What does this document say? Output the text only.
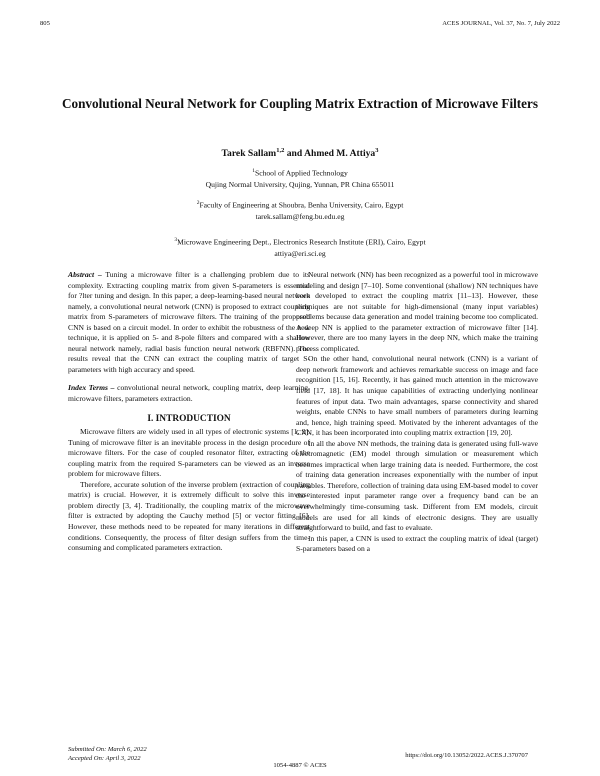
805	ACES JOURNAL, Vol. 37, No. 7, July 2022
Convolutional Neural Network for Coupling Matrix Extraction of Microwave Filters
Tarek Sallam$^{1,2}$ and Ahmed M. Attiya$^3$
$^1$School of Applied Technology
Qujing Normal University, Qujing, Yunnan, PR China 655011
$^2$Faculty of Engineering at Shoubra, Benha University, Cairo, Egypt
tarek.sallam@feng.bu.edu.eg
$^3$Microwave Engineering Dept., Electronics Research Institute (ERI), Cairo, Egypt
attiya@eri.sci.eg

Abstract – Tuning a microwave filter is a challenging problem due to its complexity. Extracting coupling matrix from given S-parameters is essential for ?lter tuning and design. In this paper, a deep-learning-based neural network namely, a convolutional neural network (CNN) is proposed to extract coupling matrix from S-parameters of microwave filters. The training of the proposed CNN is based on a circuit model. In order to exhibit the robustness of the new technique, it is applied on 5- and 8-pole filters and compared with a shallow neural network namely, radial basis function neural network (RBFNN). The results reveal that the CNN can extract the coupling matrix of target S-parameters with high accuracy and speed.

Index Terms – convolutional neural network, coupling matrix, deep learning, microwave filters, parameters extraction.

I. INTRODUCTION

Microwave filters are widely used in all types of electronic systems [1, 2]. Tuning of microwave filter is an inevitable process in the design procedure of microwave filters. For the case of coupled resonator filter, extracting of the coupling matrix from the required S-parameters can be viewed as an inverse problem for microwave filters.

Therefore, accurate solution of the inverse problem (extraction of coupling matrix) is crucial. However, it is extremely difficult to solve this inverse problem directly [3, 4]. Traditionally, the coupling matrix of the microwave filter is extracted by adopting the Cauchy method [5] or vector fitting [6]. However, these methods need to be repeated for many iterations in different conditions. Consequently, the process of filter design suffers from the time-consuming and complicated parameters extraction.

Neural network (NN) has been recognized as a powerful tool in microwave modeling and design [7–10]. Some conventional (shallow) NN techniques have been developed to extract the coupling matrix [11–13]. However, these techniques are not suitable for high-dimensional (many input variables) problems because data generation and model training become too complicated. A deep NN is applied to the parameter extraction of microwave filter [14]. However, there are too many layers in the deep NN, which make the training process complicated.

On the other hand, convolutional neural network (CNN) is a variant of deep network framework and achieves remarkable success on image and face recognition [15, 16]. Recently, it has gained much attention in the microwave field [17, 18]. It has unique capabilities of extracting underlying nonlinear features of input data. Two main advantages, sparse connectivity and shared weights, enable CNNs to have small numbers of parameters during learning and, hence, high training speed. Motivated by the inherent advantages of the CNN, it has been incorporated into coupling matrix extraction [19, 20].

In all the above NN methods, the training data is generated using full-wave electromagnetic (EM) model through simulation or measurement which becomes impractical when large training data is needed. Furthermore, the cost of training data generation increases exponentially with the number of input variables. Therefore, collection of training data using EM-based model to cover the interested input parameter range over a frequency band can be an overwhelmingly time-consuming task. Different from EM models, circuit models are used for all kinds of electronic designs. They are usually straightforward to build, and fast to evaluate.

In this paper, a CNN is used to extract the coupling matrix of ideal (target) S-parameters based on a

Submitted On: March 6, 2022
Accepted On: April 3, 2022	https://doi.org/10.13052/2022.ACES.J.370707
1054-4887 © ACES
